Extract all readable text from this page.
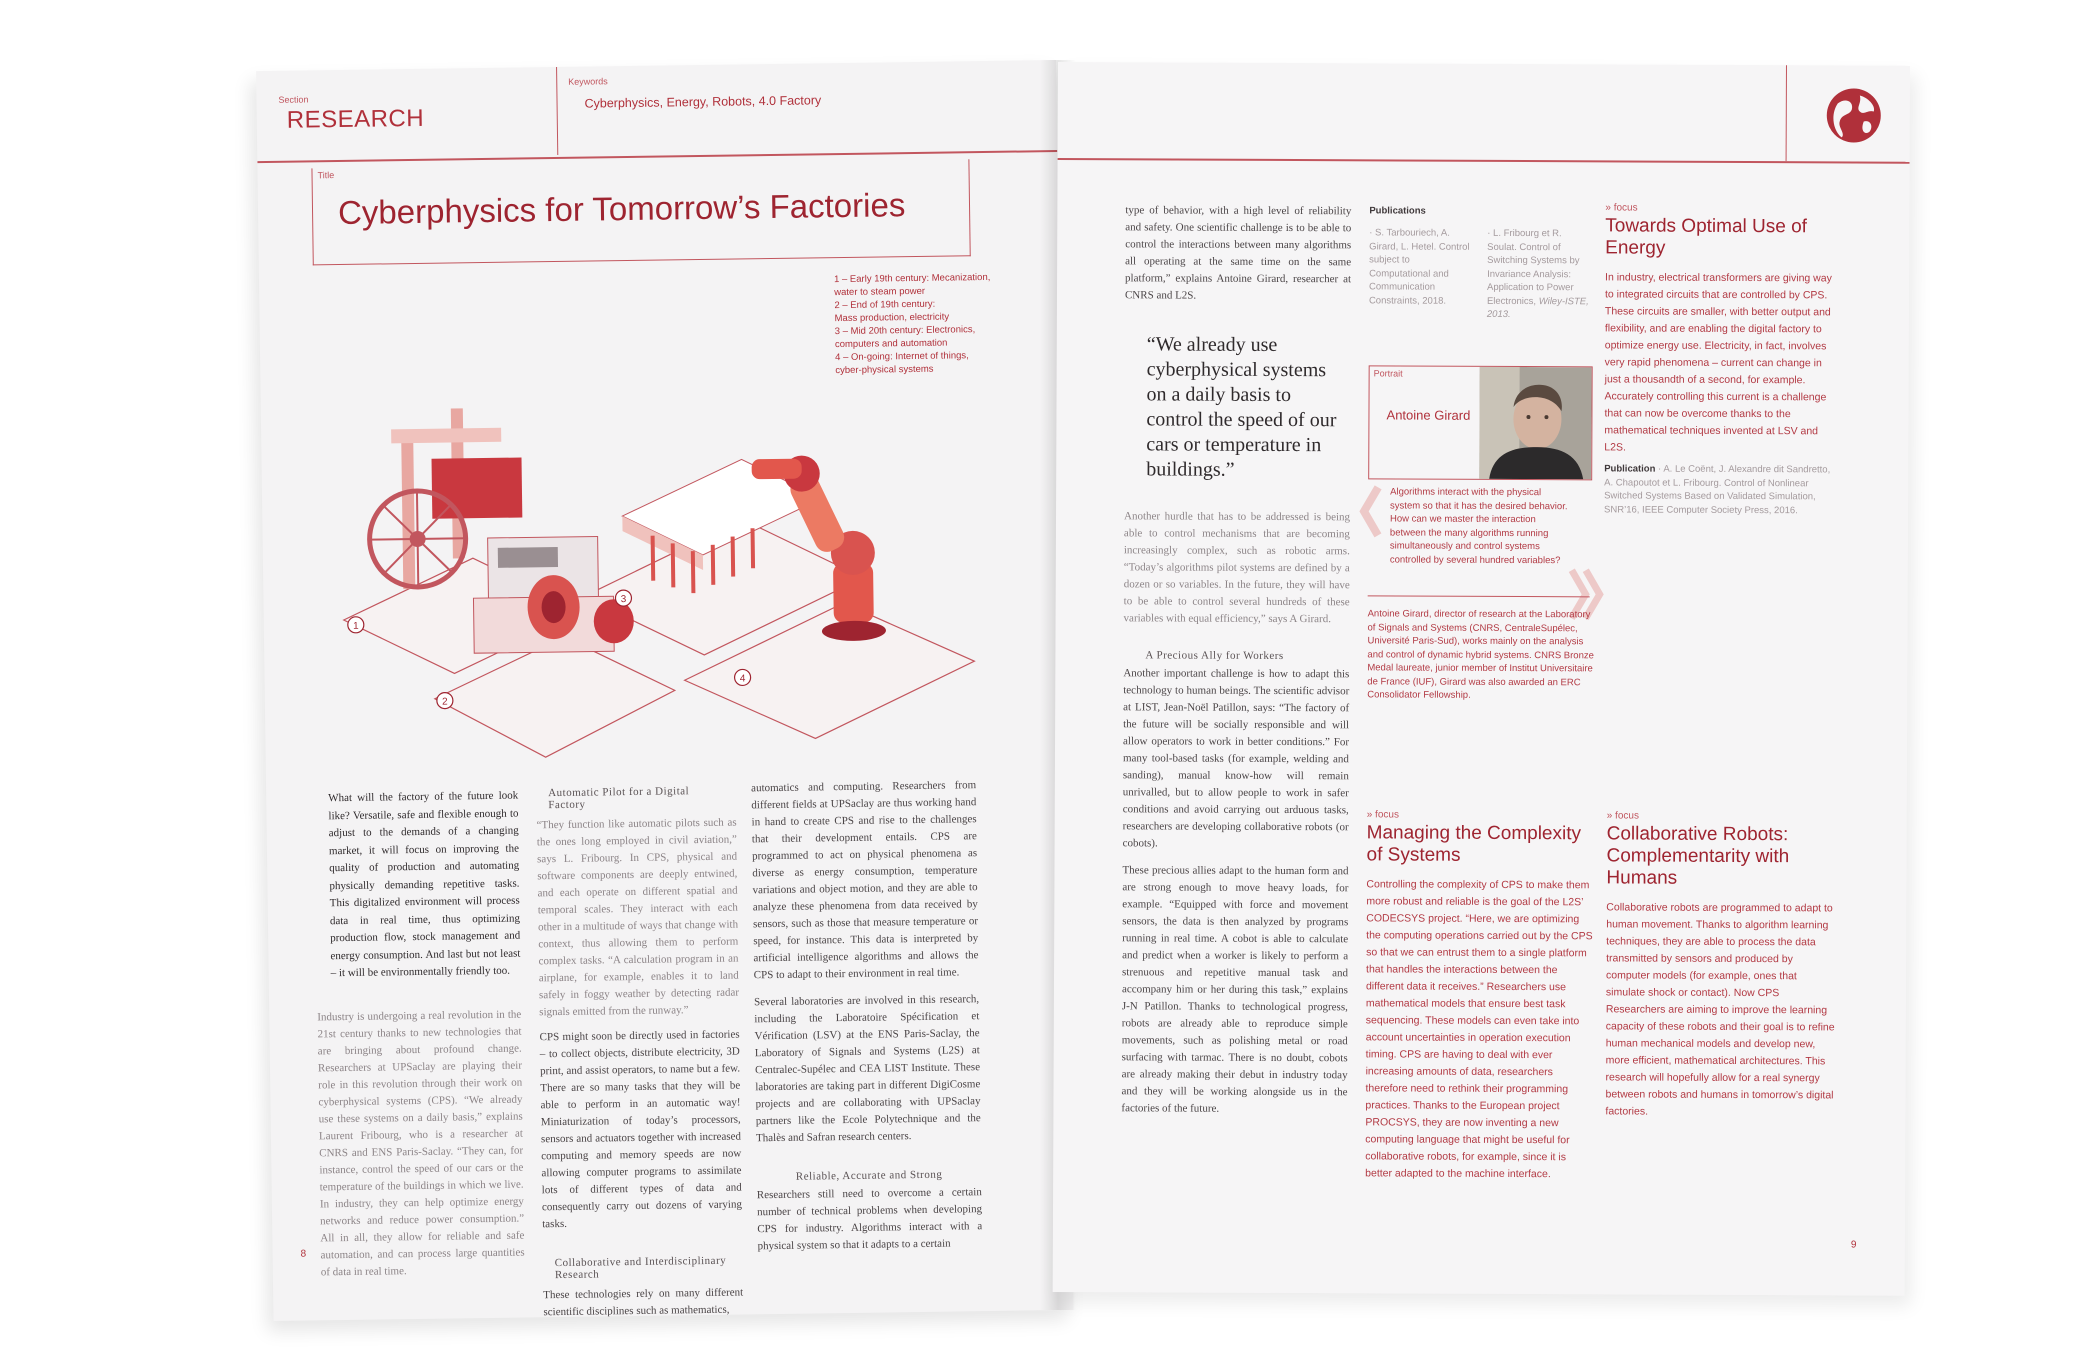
Section
RESEARCH
Keywords
Cyberphysics, Energy, Robots, 4.0 Factory
Title
Cyberphysics for Tomorrow’s Factories
1 – Early 19th century: Mecanization,
water to steam power
2 – End of 19th century:
Mass production, electricity
3 – Mid 20th century: Electronics,
computers and automation
4 – On-going: Internet of things,
cyber-physical systems
1
2
3
4

What will the factory of the future look like? Versatile, safe and flexible enough to adjust to the demands of a changing market, it will focus on improving the quality of production and automating physically demanding repetitive tasks. This digitalized environment will process data in real time, thus optimizing production flow, stock management and energy consumption. And last but not least – it will be environmentally friendly too.

Industry is undergoing a real revolution in the 21st century thanks to new technologies that are bringing about profound change. Researchers at UPSaclay are playing their role in this revolution through their work on cyberphysical systems (CPS). “We already use these systems on a daily basis,” explains Laurent Fribourg, who is a researcher at CNRS and ENS Paris-Saclay. “They can, for instance, control the speed of our cars or the temperature of the buildings in which we live. In industry, they can help optimize energy networks and reduce power consumption.” All in all, they allow for reliable and safe automation, and can process large quantities of data in real time.

Automatic Pilot for a Digital Factory

“They function like automatic pilots such as the ones long employed in civil aviation,” says L. Fribourg. In CPS, physical and software components are deeply entwined, and each operate on different spatial and temporal scales. They interact with each other in a multitude of ways that change with context, thus allowing them to perform complex tasks. “A calculation program in an airplane, for example, enables it to land safely in foggy weather by detecting radar signals emitted from the runway.”

CPS might soon be directly used in factories – to collect objects, distribute electricity, 3D print, and assist operators, to name but a few. There are so many tasks that they will be able to perform in an automatic way! Miniaturization of today’s processors, sensors and actuators together with increased computing and memory speeds are now allowing computer programs to assimilate lots of different types of data and consequently carry out dozens of varying tasks.

Collaborative and Interdisciplinary Research

These technologies rely on many different scientific disciplines such as mathematics,

automatics and computing. Researchers from different fields at UPSaclay are thus working hand in hand to create CPS and rise to the challenges that their development entails. CPS are programmed to act on physical phenomena as diverse as energy consumption, temperature variations and object motion, and they are able to analyze these phenomena from data received by sensors, such as those that measure temperature or speed, for instance. This data is interpreted by artificial intelligence algorithms and allows the CPS to adapt to their environment in real time.

Several laboratories are involved in this research, including the Laboratoire Spécification et Vérification (LSV) at the ENS Paris-Saclay, the Laboratory of Signals and Systems (L2S) at Centralec-Supélec and CEA LIST Institute. These laboratories are taking part in different DigiCosme projects and are collaborating with UPSaclay partners like the Ecole Polytechnique and the Thalès and Safran research centers.

Reliable, Accurate and Strong

Researchers still need to overcome a certain number of technical problems when developing CPS for industry. Algorithms interact with a physical system so that it adapts to a certain

8

type of behavior, with a high level of reliability and safety. One scientific challenge is to be able to control the interactions between many algorithms all operating at the same time on the same platform,” explains Antoine Girard, researcher at CNRS and L2S.

“We already use cyberphysical systems on a daily basis to control the speed of our cars or temperature in buildings.”

Another hurdle that has to be addressed is being able to control mechanisms that are becoming increasingly complex, such as robotic arms. “Today’s algorithms pilot systems are defined by a dozen or so variables. In the future, they will have to be able to control several hundreds of these variables with equal efficiency,” says A Girard.

A Precious Ally for Workers

Another important challenge is how to adapt this technology to human beings. The scientific advisor at LIST, Jean-Noël Patillon, says: “The factory of the future will be socially responsible and will allow operators to work in better conditions.” For many tool-based tasks (for example, welding and sanding), manual know-how will remain unrivalled, but to allow people to work in safer conditions and avoid carrying out arduous tasks, researchers are developing collaborative robots (or cobots).

These precious allies adapt to the human form and are strong enough to move heavy loads, for example. “Equipped with force and movement sensors, the data is then analyzed by programs running in real time. A cobot is able to calculate and predict when a worker is likely to perform a strenuous and repetitive manual task and accompany him or her during this task,” explains J-N Patillon. Thanks to technological progress, robots are already able to reproduce simple movements, such as polishing metal or road surfacing with tarmac. There is no doubt, cobots are already making their debut in industry today and they will be working alongside us in the factories of the future.

Publications
· S. Tarbouriech, A. Girard, L. Hetel. Control subject to Computational and Communication Constraints, 2018.
· L. Fribourg et R. Soulat. Control of Switching Systems by Invariance Analysis: Application to Power Electronics, Wiley-ISTE, 2013.
Portrait
Antoine Girard
Algorithms interact with the physical system so that it has the desired behavior. How can we master the interaction between the many algorithms running simultaneously and control systems controlled by several hundred variables?
Antoine Girard, director of research at the Laboratory of Signals and Systems (CNRS, CentraleSupélec, Université Paris-Sud), works mainly on the analysis and control of dynamic hybrid systems. CNRS Bronze Medal laureate, junior member of Institut Universitaire de France (IUF), Girard was also awarded an ERC Consolidator Fellowship.
» focus
Towards Optimal Use of Energy

In industry, electrical transformers are giving way to integrated circuits that are controlled by CPS. These circuits are smaller, with better output and flexibility, and are enabling the digital factory to optimize energy use. Electricity, in fact, involves very rapid phenomena – current can change in just a thousandth of a second, for example. Accurately controlling this current is a challenge that can now be overcome thanks to the mathematical techniques invented at LSV and L2S.

Publication · A. Le Coënt, J. Alexandre dit Sandretto, A. Chapoutot et L. Fribourg. Control of Nonlinear Switched Systems Based on Validated Simulation, SNR’16, IEEE Computer Society Press, 2016.

» focus
Managing the Complexity of Systems

Controlling the complexity of CPS to make them more robust and reliable is the goal of the L2S’ CODECSYS project. “Here, we are optimizing the computing operations carried out by the CPS so that we can entrust them to a single platform that handles the interactions between the different data it receives.” Researchers use mathematical models that ensure best task sequencing. These models can even take into account uncertainties in operation execution timing. CPS are having to deal with ever increasing amounts of data, researchers therefore need to rethink their programming practices. Thanks to the European project PROCSYS, they are now inventing a new computing language that might be useful for collaborative robots, for example, since it is better adapted to the machine interface.

» focus
Collaborative Robots: Complementarity with Humans

Collaborative robots are programmed to adapt to human movement. Thanks to algorithm learning techniques, they are able to process the data transmitted by sensors and produced by computer models (for example, ones that simulate shock or contact). Now CPS Researchers are aiming to improve the learning capacity of these robots and their goal is to refine human mechanical models and develop new, more efficient, mathematical architectures. This research will hopefully allow for a real synergy between robots and humans in tomorrow’s digital factories.

9
